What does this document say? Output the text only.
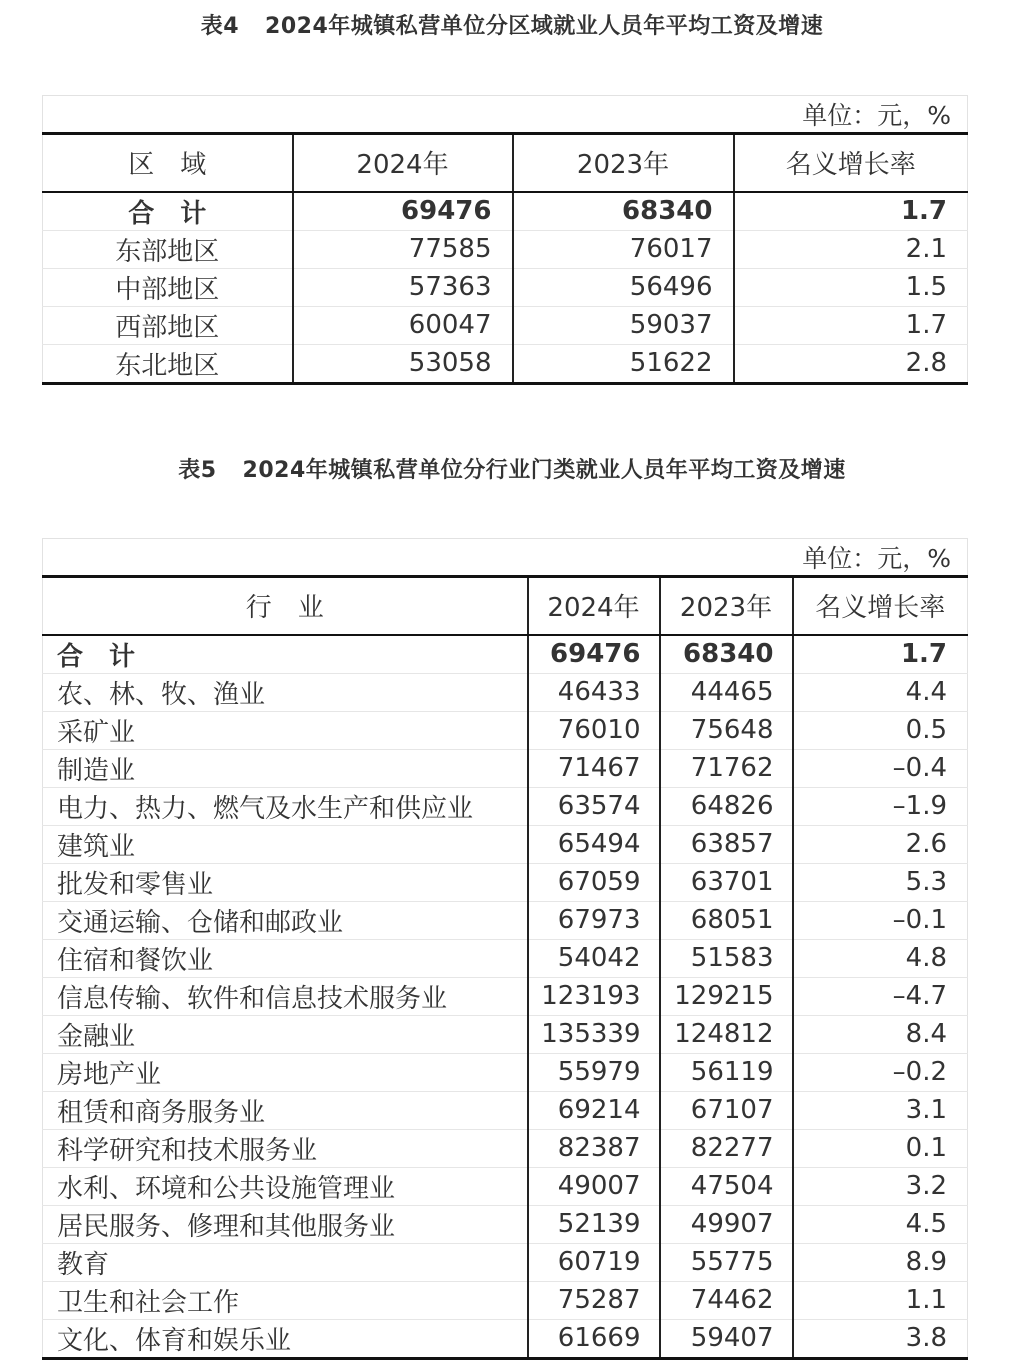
表4 2024年城镇私营单位分区域就业人员年平均工资及增速
单位：元，%			
区　域	2024年	2023年	名义增长率
合　计	69476	68340	1.7
东部地区	77585	76017	2.1
中部地区	57363	56496	1.5
西部地区	60047	59037	1.7
东北地区	53058	51622	2.8
表5 2024年城镇私营单位分行业门类就业人员年平均工资及增速
单位：元，%			
行　业	2024年	2023年	名义增长率
合　计	69476	68340	1.7
农、林、牧、渔业	46433	44465	4.4
采矿业	76010	75648	0.5
制造业	71467	71762	–0.4
电力、热力、燃气及水生产和供应业	63574	64826	–1.9
建筑业	65494	63857	2.6
批发和零售业	67059	63701	5.3
交通运输、仓储和邮政业	67973	68051	–0.1
住宿和餐饮业	54042	51583	4.8
信息传输、软件和信息技术服务业	123193	129215	–4.7
金融业	135339	124812	8.4
房地产业	55979	56119	–0.2
租赁和商务服务业	69214	67107	3.1
科学研究和技术服务业	82387	82277	0.1
水利、环境和公共设施管理业	49007	47504	3.2
居民服务、修理和其他服务业	52139	49907	4.5
教育	60719	55775	8.9
卫生和社会工作	75287	74462	1.1
文化、体育和娱乐业	61669	59407	3.8
